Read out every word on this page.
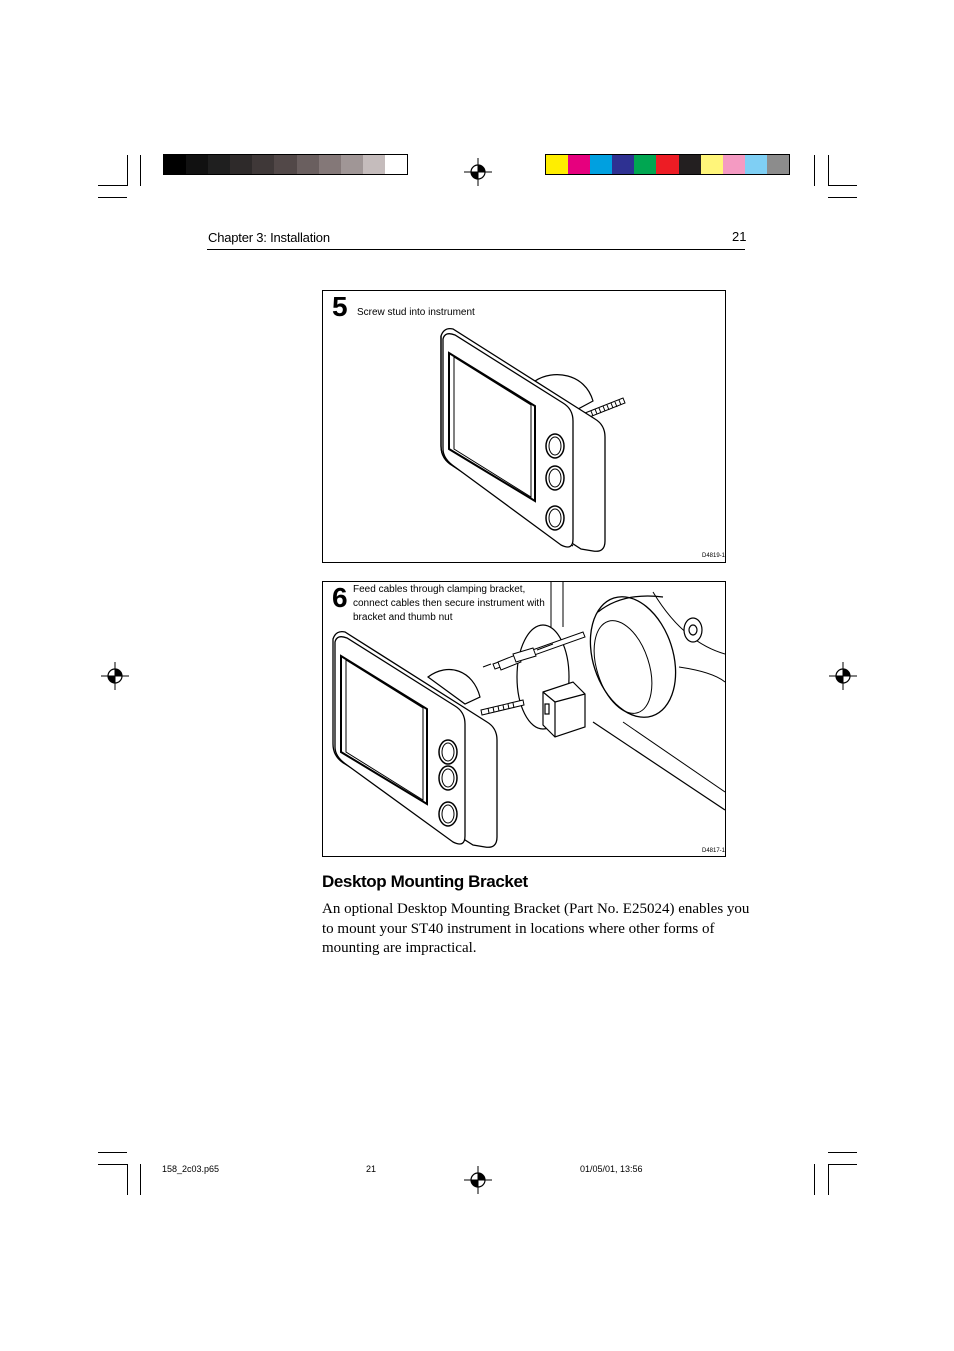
Chapter 3: Installation	21
5 Screw stud into instrument
D4819-1
6 Feed cables through clamping bracket, connect cables then secure instrument with bracket and thumb nut
D4817-1
Desktop Mounting Bracket
An optional Desktop Mounting Bracket (Part No. E25024) enables you to mount your ST40 instrument in locations where other forms of mounting are impractical.
158_2c03.p65	21	01/05/01, 13:56
